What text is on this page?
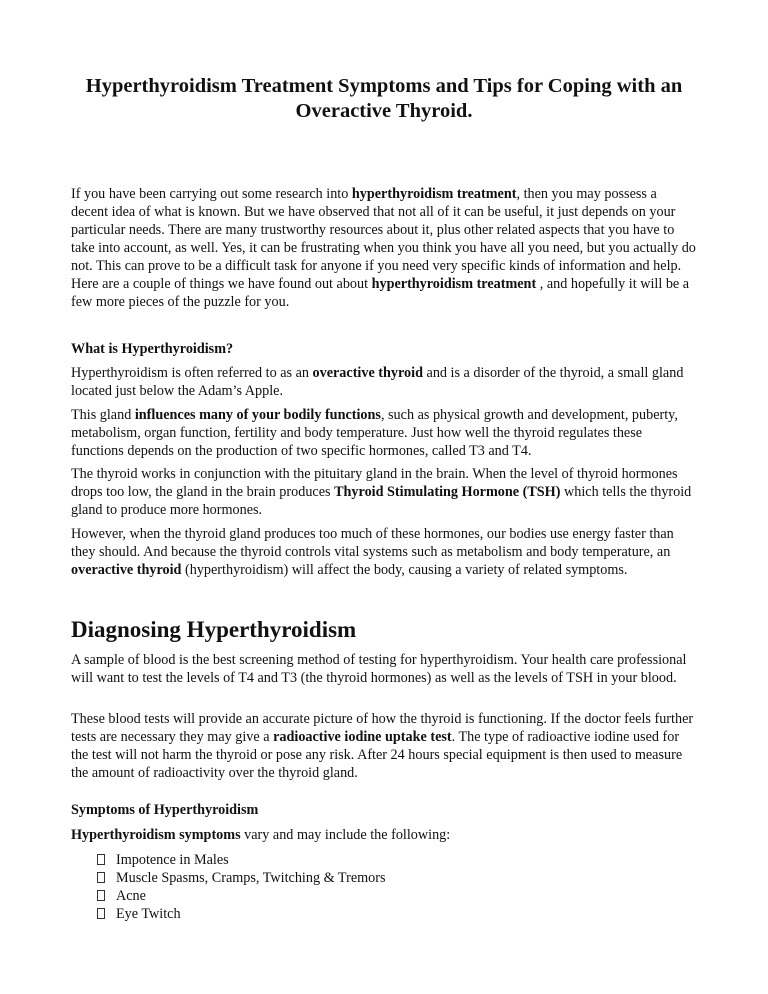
Hyperthyroidism Treatment Symptoms and Tips for Coping with an Overactive Thyroid.

If you have been carrying out some research into hyperthyroidism treatment, then you may possess a decent idea of what is known. But we have observed that not all of it can be useful, it just depends on your particular needs. There are many trustworthy resources about it, plus other related aspects that you have to take into account, as well. Yes, it can be frustrating when you think you have all you need, but you actually do not. This can prove to be a difficult task for anyone if you need very specific kinds of information and help. Here are a couple of things we have found out about hyperthyroidism treatment , and hopefully it will be a few more pieces of the puzzle for you.

What is Hyperthyroidism?

Hyperthyroidism is often referred to as an overactive thyroid and is a disorder of the thyroid, a small gland located just below the Adam’s Apple.

This gland influences many of your bodily functions, such as physical growth and development, puberty, metabolism, organ function, fertility and body temperature. Just how well the thyroid regulates these functions depends on the production of two specific hormones, called T3 and T4.

The thyroid works in conjunction with the pituitary gland in the brain. When the level of thyroid hormones drops too low, the gland in the brain produces Thyroid Stimulating Hormone (TSH) which tells the thyroid gland to produce more hormones.

However, when the thyroid gland produces too much of these hormones, our bodies use energy faster than they should. And because the thyroid controls vital systems such as metabolism and body temperature, an overactive thyroid (hyperthyroidism) will affect the body, causing a variety of related symptoms.

Diagnosing Hyperthyroidism

A sample of blood is the best screening method of testing for hyperthyroidism. Your health care professional will want to test the levels of T4 and T3 (the thyroid hormones) as well as the levels of TSH in your blood.

These blood tests will provide an accurate picture of how the thyroid is functioning. If the doctor feels further tests are necessary they may give a radioactive iodine uptake test. The type of radioactive iodine used for the test will not harm the thyroid or pose any risk. After 24 hours special equipment is then used to measure the amount of radioactivity over the thyroid gland.

Symptoms of Hyperthyroidism

Hyperthyroidism symptoms vary and may include the following:

Impotence in Males
Muscle Spasms, Cramps, Twitching & Tremors
Acne
Eye Twitch
